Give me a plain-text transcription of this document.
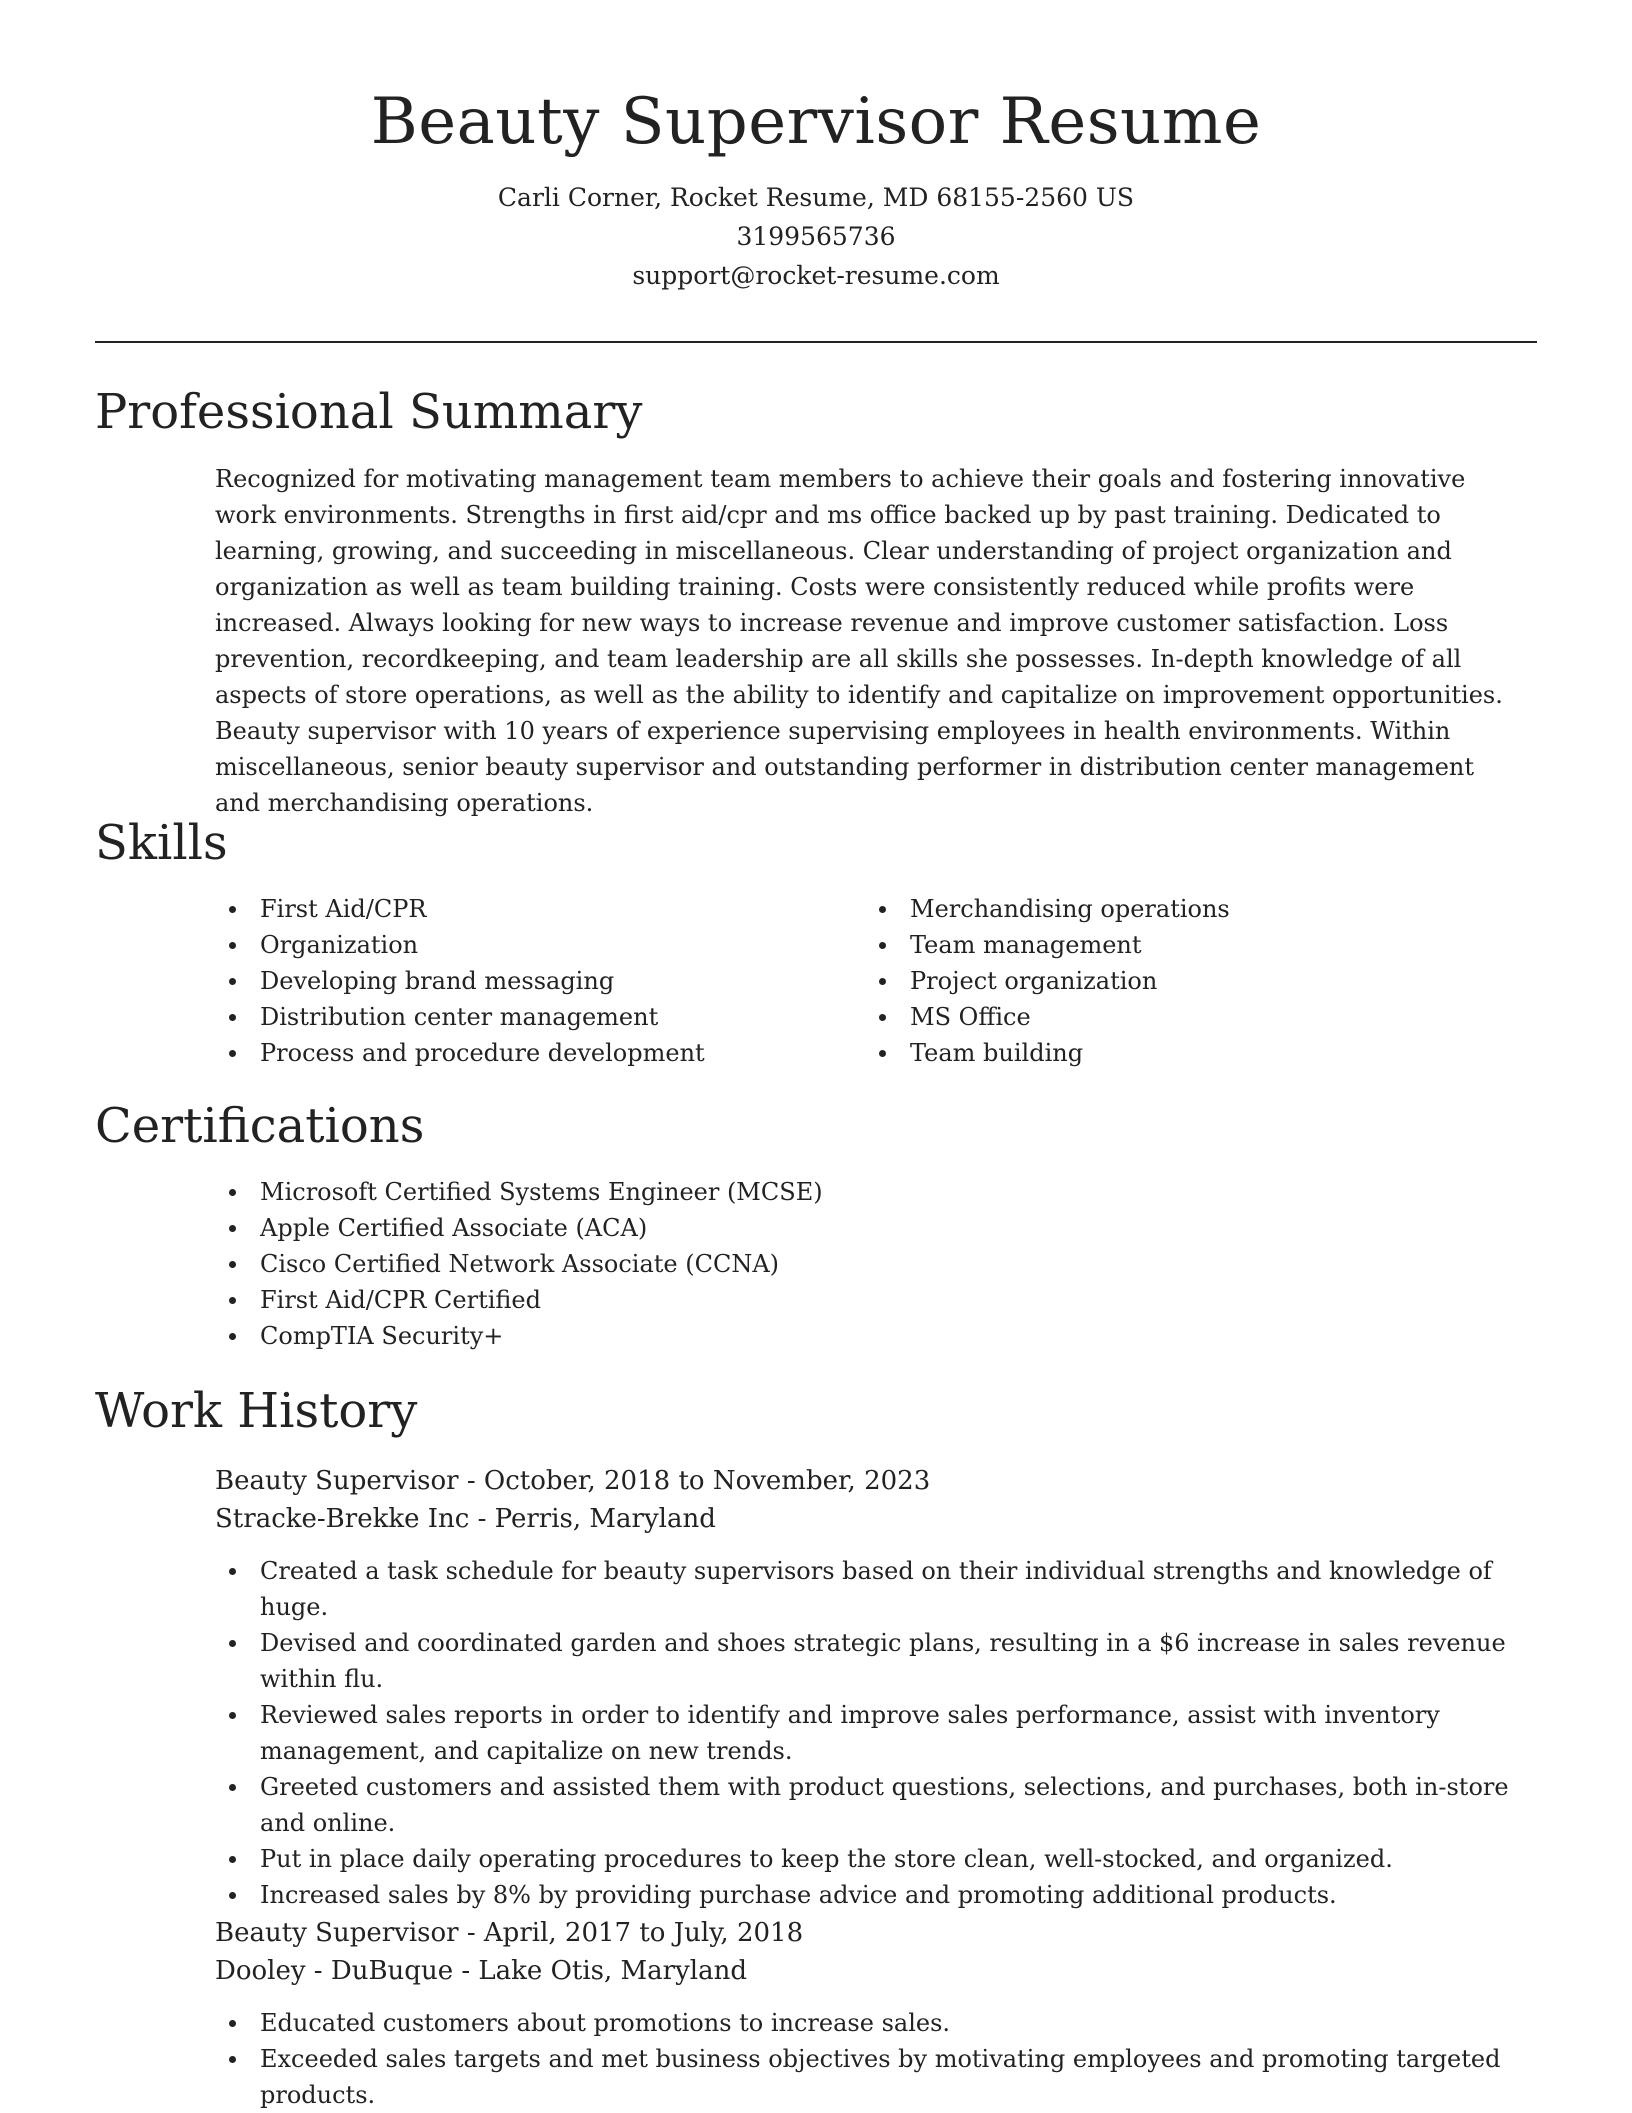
Beauty Supervisor Resume

Carli Corner, Rocket Resume, MD 68155-2560 US

3199565736

support@rocket-resume.com

Professional Summary

Recognized for motivating management team members to achieve their goals and fostering innovative work environments. Strengths in first aid/cpr and ms office backed up by past training. Dedicated to learning, growing, and succeeding in miscellaneous. Clear understanding of project organization and organization as well as team building training. Costs were consistently reduced while profits were increased. Always looking for new ways to increase revenue and improve customer satisfaction. Loss prevention, recordkeeping, and team leadership are all skills she possesses. In-depth knowledge of all aspects of store operations, as well as the ability to identify and capitalize on improvement opportunities. Beauty supervisor with 10 years of experience supervising employees in health environments. Within miscellaneous, senior beauty supervisor and outstanding performer in distribution center management and merchandising operations.

Skills
First Aid/CPR
Organization
Developing brand messaging
Distribution center management
Process and procedure development
Merchandising operations
Team management
Project organization
MS Office
Team building
Certifications
Microsoft Certified Systems Engineer (MCSE)
Apple Certified Associate (ACA)
Cisco Certified Network Associate (CCNA)
First Aid/CPR Certified
CompTIA Security+
Work History

Beauty Supervisor - October, 2018 to November, 2023

Stracke-Brekke Inc - Perris, Maryland

Created a task schedule for beauty supervisors based on their individual strengths and knowledge of huge.
Devised and coordinated garden and shoes strategic plans, resulting in a $6 increase in sales revenue within flu.
Reviewed sales reports in order to identify and improve sales performance, assist with inventory management, and capitalize on new trends.
Greeted customers and assisted them with product questions, selections, and purchases, both in-store and online.
Put in place daily operating procedures to keep the store clean, well-stocked, and organized.
Increased sales by 8% by providing purchase advice and promoting additional products.

Beauty Supervisor - April, 2017 to July, 2018

Dooley - DuBuque - Lake Otis, Maryland

Educated customers about promotions to increase sales.
Exceeded sales targets and met business objectives by motivating employees and promoting targeted products.
